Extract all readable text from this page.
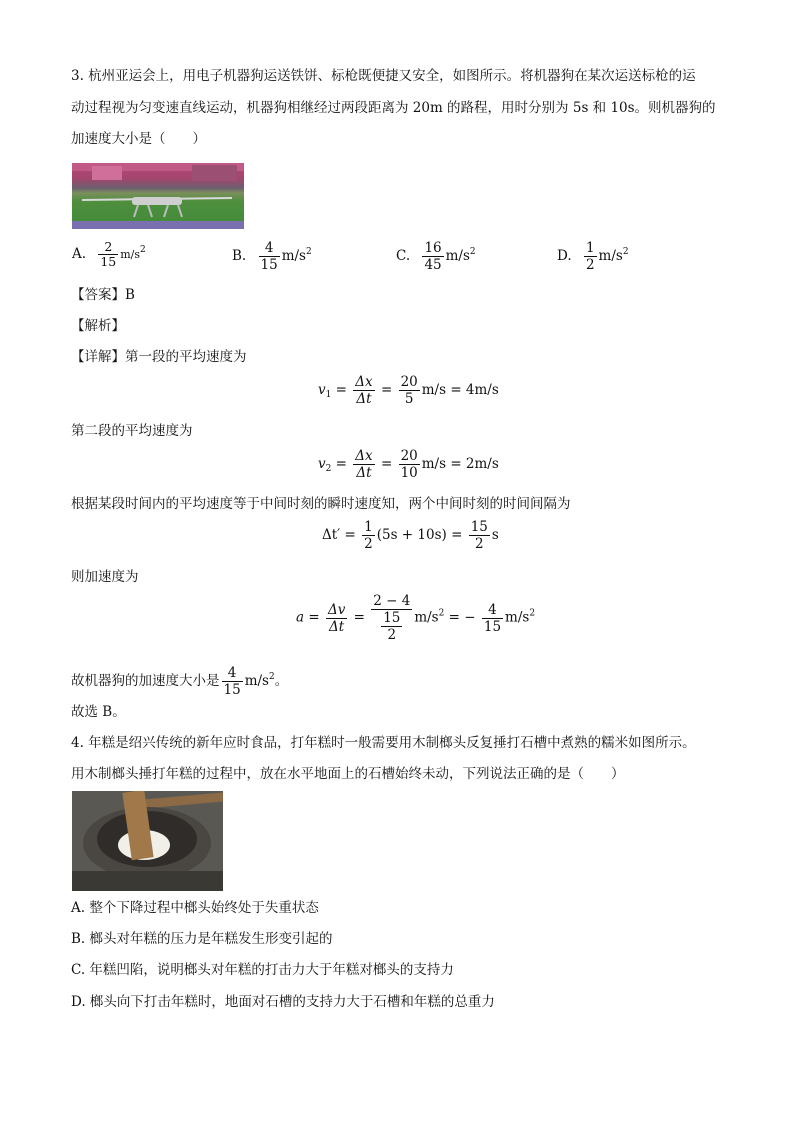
3. 杭州亚运会上，用电子机器狗运送铁饼、标枪既便捷又安全，如图所示。将机器狗在某次运送标枪的运
动过程视为匀变速直线运动，机器狗相继经过两段距离为 20m 的路程，用时分别为 5s 和 10s。则机器狗的
加速度大小是（　　）
A. $\frac{2}{15} m/s^2$	B. $\frac{4}{15} m/s^2$	C. $\frac{16}{45} m/s^2$	D. $\frac{1}{2} m/s^2$
【答案】B
【解析】
【详解】第一段的平均速度为
$v_1 = \frac{\Delta x}{\Delta t} = \frac{20}{5} m/s = 4m/s$
第二段的平均速度为
$v_2 = \frac{\Delta x}{\Delta t} = \frac{20}{10} m/s = 2m/s$
根据某段时间内的平均速度等于中间时刻的瞬时速度知，两个中间时刻的时间间隔为
$\Delta t' = \frac{1}{2} (5s + 10s) = \frac{15}{2}$ s
则加速度为
$a = \frac{\Delta v}{\Delta t} = \frac{2 - 4}{\frac{15}{2}} m/s^2$ = − $\frac{4}{15} m/s^2$
故机器狗的加速度大小是 $\frac{4}{15} m/s^2$。
故选 B。
4. 年糕是绍兴传统的新年应时食品，打年糕时一般需要用木制榔头反复捶打石槽中煮熟的糯米如图所示。
用木制榔头捶打年糕的过程中，放在水平地面上的石槽始终未动，下列说法正确的是（　　）
A. 整个下降过程中榔头始终处于失重状态
B. 榔头对年糕的压力是年糕发生形变引起的
C. 年糕凹陷，说明榔头对年糕的打击力大于年糕对榔头的支持力
D. 榔头向下打击年糕时，地面对石槽的支持力大于石槽和年糕的总重力
